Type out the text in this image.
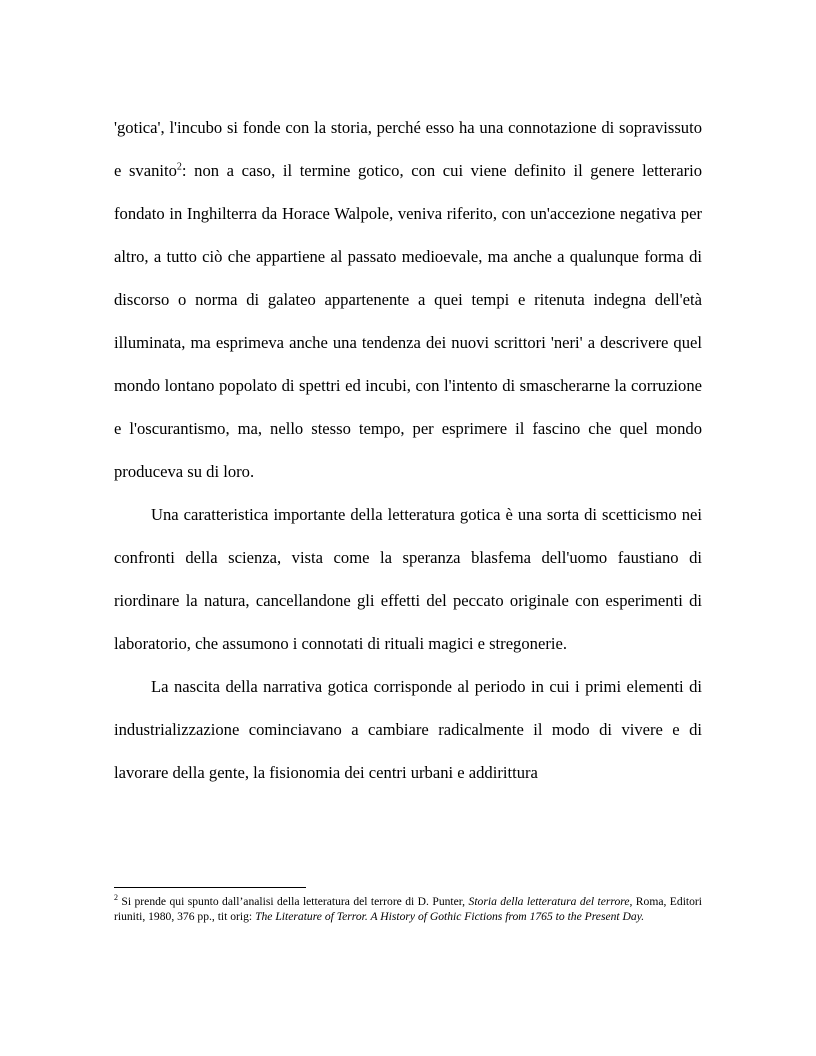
'gotica', l'incubo si fonde con la storia, perché esso ha una connotazione di sopravissuto e svanito$^2$: non a caso, il termine gotico, con cui viene definito il genere letterario fondato in Inghilterra da Horace Walpole, veniva riferito, con un'accezione negativa per altro, a tutto ciò che appartiene al passato medioevale, ma anche a qualunque forma di discorso o norma di galateo appartenente a quei tempi e ritenuta indegna dell'età illuminata, ma esprimeva anche una tendenza dei nuovi scrittori 'neri' a descrivere quel mondo lontano popolato di spettri ed incubi, con l'intento di smascherarne la corruzione e l'oscurantismo, ma, nello stesso tempo, per esprimere il fascino che quel mondo produceva su di loro.

Una caratteristica importante della letteratura gotica è una sorta di scetticismo nei confronti della scienza, vista come la speranza blasfema dell'uomo faustiano di riordinare la natura, cancellandone gli effetti del peccato originale con esperimenti di laboratorio, che assumono i connotati di rituali magici e stregonerie.

La nascita della narrativa gotica corrisponde al periodo in cui i primi elementi di industrializzazione cominciavano a cambiare radicalmente il modo di vivere e di lavorare della gente, la fisionomia dei centri urbani e addirittura

$^2$ Si prende qui spunto dall’analisi della letteratura del terrore di D. Punter, Storia della letteratura del terrore, Roma, Editori riuniti, 1980, 376 pp., tit orig: The Literature of Terror. A History of Gothic Fictions from 1765 to the Present Day.
